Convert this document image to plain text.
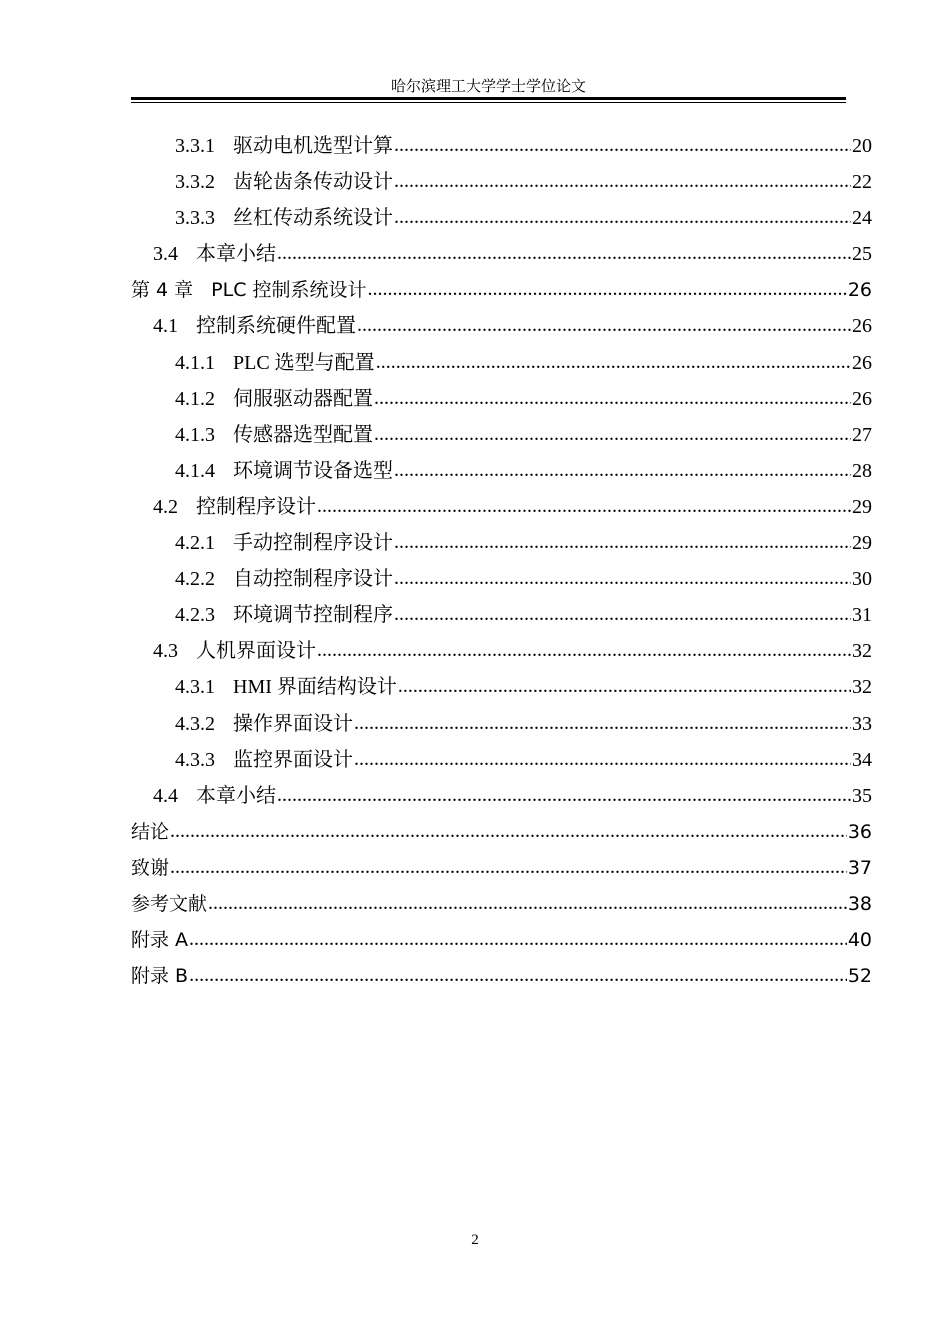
哈尔滨理工大学学士学位论文
3.3.1 驱动电机选型计算 .....	20
3.3.2 齿轮齿条传动设计 .....	22
3.3.3 丝杠传动系统设计 .....	24
3.4 本章小结 .....	25
第 4 章 PLC 控制系统设计 .....	26
4.1 控制系统硬件配置 .....	26
4.1.1 PLC 选型与配置 .....	26
4.1.2 伺服驱动器配置 .....	26
4.1.3 传感器选型配置 .....	27
4.1.4 环境调节设备选型 .....	28
4.2 控制程序设计 .....	29
4.2.1 手动控制程序设计 .....	29
4.2.2 自动控制程序设计 .....	30
4.2.3 环境调节控制程序 .....	31
4.3 人机界面设计 .....	32
4.3.1 HMI 界面结构设计 .....	32
4.3.2 操作界面设计 .....	33
4.3.3 监控界面设计 .....	34
4.4 本章小结 .....	35
结论 .....	36
致谢 .....	37
参考文献 .....	38
附录 A .....	40
附录 B .....	52
2
